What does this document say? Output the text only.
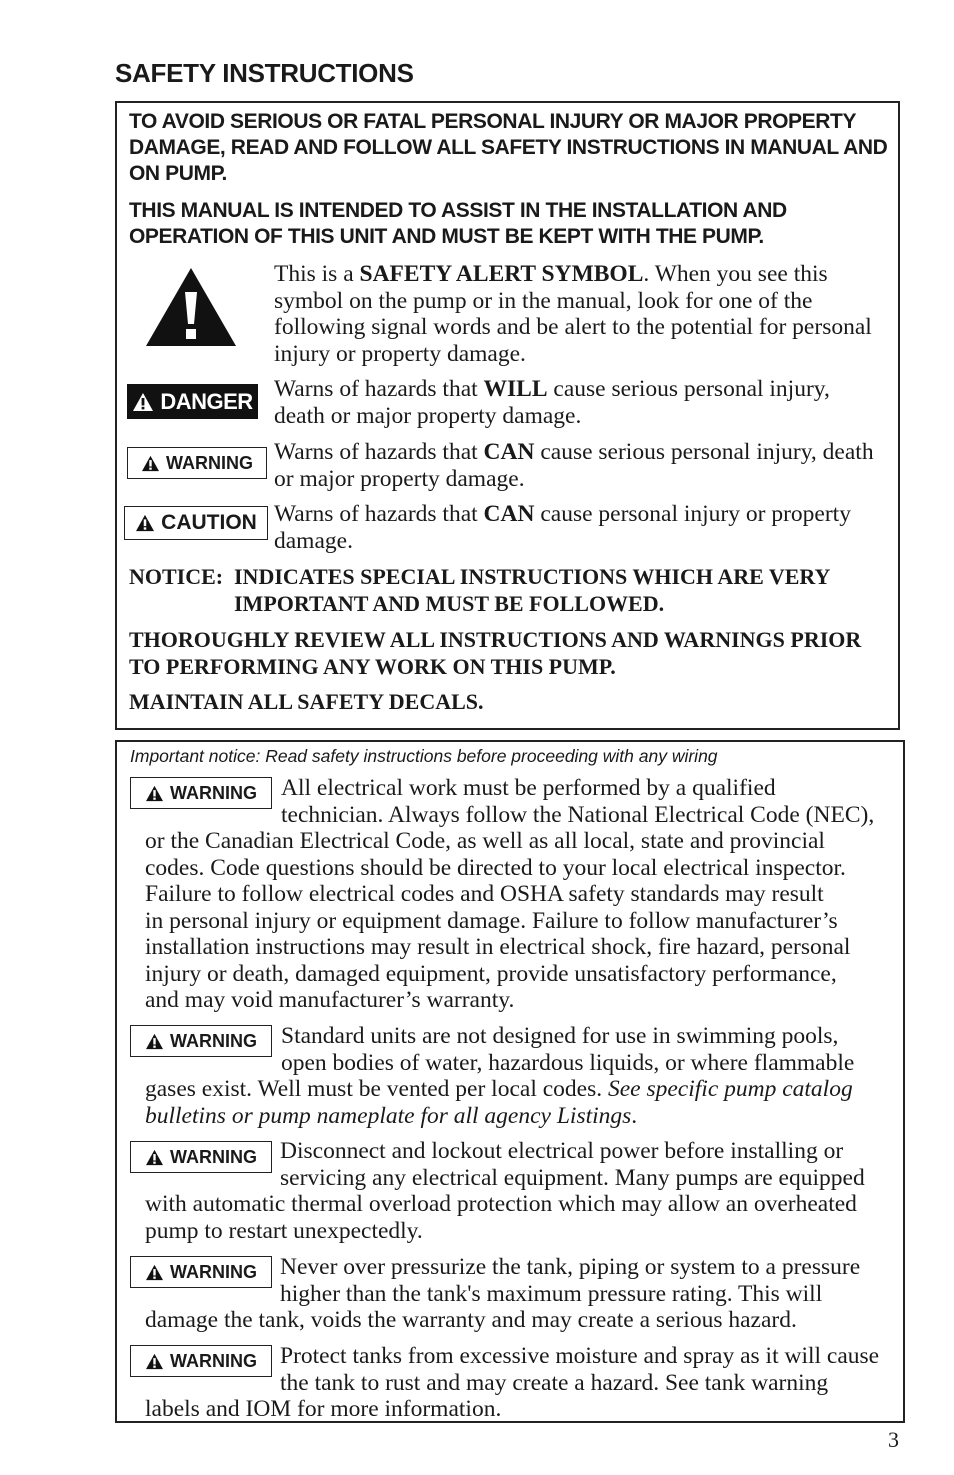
SAFETY INSTRUCTIONS

TO AVOID SERIOUS OR FATAL PERSONAL INJURY OR MAJOR PROPERTY DAMAGE, READ AND FOLLOW ALL SAFETY INSTRUCTIONS IN MANUAL AND ON PUMP.

THIS MANUAL IS INTENDED TO ASSIST IN THE INSTALLATION AND OPERATION OF THIS UNIT AND MUST BE KEPT WITH THE PUMP.

This is a SAFETY ALERT SYMBOL. When you see this symbol on the pump or in the manual, look for one of the following signal words and be alert to the potential for personal injury or property damage.

DANGER Warns of hazards that WILL cause serious personal injury, death or major property damage.

WARNING Warns of hazards that CAN cause serious personal injury, death or major property damage.

CAUTION Warns of hazards that CAN cause personal injury or property damage.

NOTICE: INDICATES SPECIAL INSTRUCTIONS WHICH ARE VERY

IMPORTANT AND MUST BE FOLLOWED.

THOROUGHLY REVIEW ALL INSTRUCTIONS AND WARNINGS PRIOR TO PERFORMING ANY WORK ON THIS PUMP.

MAINTAIN ALL SAFETY DECALS.

Important notice: Read safety instructions before proceeding with any wiring

WARNING	All electrical work must be performed by a qualified
technician. Always follow the National Electrical Code (NEC),
or the Canadian Electrical Code, as well as all local, state and provincial
codes. Code questions should be directed to your local electrical inspector.
Failure to follow electrical codes and OSHA safety standards may result
in personal injury or equipment damage. Failure to follow manufacturer’s
installation instructions may result in electrical shock, fire hazard, personal
injury or death, damaged equipment, provide unsatisfactory performance,
and may void manufacturer’s warranty.
WARNING	Standard units are not designed for use in swimming pools,
open bodies of water, hazardous liquids, or where flammable
gases exist. Well must be vented per local codes. See specific pump catalog
bulletins or pump nameplate for all agency Listings.
WARNING Disconnect and lockout electrical power before installing or
servicing any electrical equipment. Many pumps are equipped
with automatic thermal overload protection which may allow an overheated
pump to restart unexpectedly.
WARNING Never over pressurize the tank, piping or system to a pressure
higher than the tank's maximum pressure rating. This will
damage the tank, voids the warranty and may create a serious hazard.
WARNING Protect tanks from excessive moisture and spray as it will cause
the tank to rust and may create a hazard. See tank warning
labels and IOM for more information.
3
